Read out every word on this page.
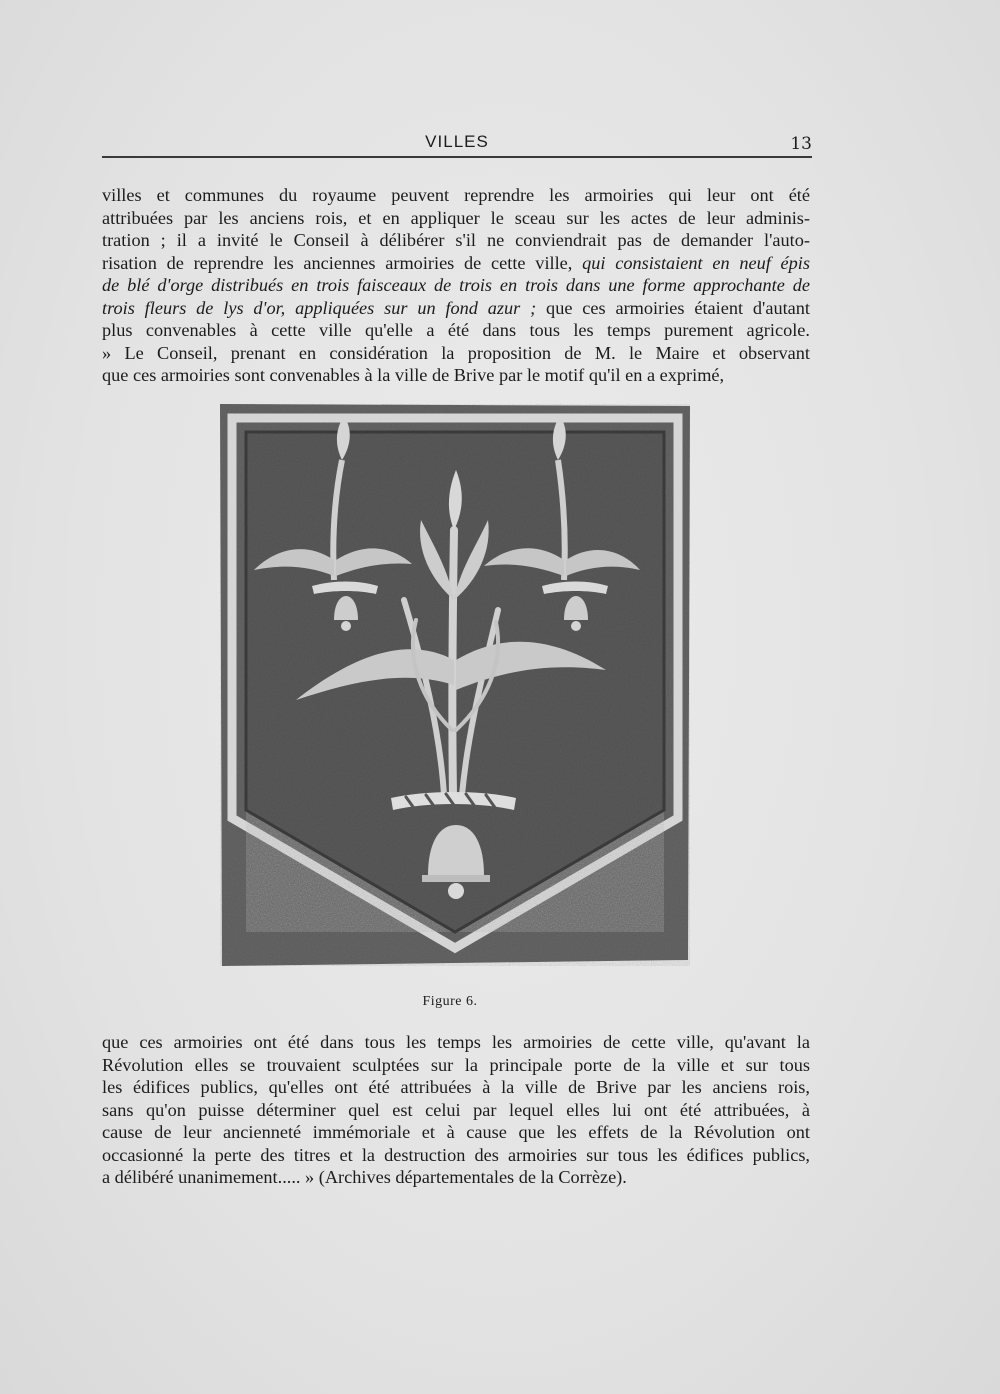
VILLES	13
villes et communes du royaume peuvent reprendre les armoiries qui leur ont été
attribuées par les anciens rois, et en appliquer le sceau sur les actes de leur adminis-
tration ; il a invité le Conseil à délibérer s'il ne conviendrait pas de demander l'auto-
risation de reprendre les anciennes armoiries de cette ville, qui consistaient en neuf épis
de blé d'orge distribués en trois faisceaux de trois en trois dans une forme approchante de
trois fleurs de lys d'or, appliquées sur un fond azur ; que ces armoiries étaient d'autant
plus convenables à cette ville qu'elle a été dans tous les temps purement agricole.
» Le Conseil, prenant en considération la proposition de M. le Maire et observant
que ces armoiries sont convenables à la ville de Brive par le motif qu'il en a exprimé,
Figure 6.
que ces armoiries ont été dans tous les temps les armoiries de cette ville, qu'avant la
Révolution elles se trouvaient sculptées sur la principale porte de la ville et sur tous
les édifices publics, qu'elles ont été attribuées à la ville de Brive par les anciens rois,
sans qu'on puisse déterminer quel est celui par lequel elles lui ont été attribuées, à
cause de leur ancienneté immémoriale et à cause que les effets de la Révolution ont
occasionné la perte des titres et la destruction des armoiries sur tous les édifices publics,
a délibéré unanimement..... » (Archives départementales de la Corrèze).
